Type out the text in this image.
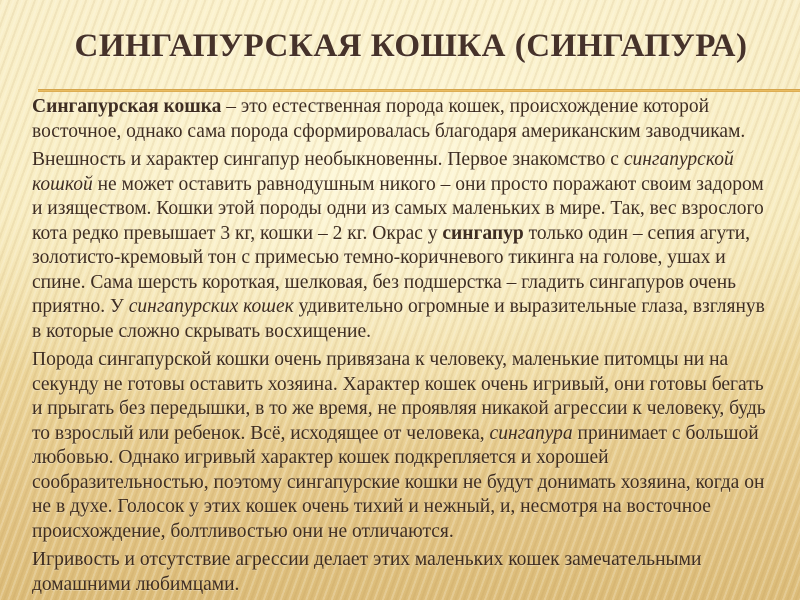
СИНГАПУРСКАЯ КОШКА (СИНГАПУРА)

Сингапурская кошка – это естественная порода кошек, происхождение которой восточное, однако сама порода сформировалась благодаря американским заводчикам.

Внешность и характер сингапур необыкновенны. Первое знакомство с сингапурской кошкой не может оставить равнодушным никого – они просто поражают своим задором и изяществом. Кошки этой породы одни из самых маленьких в мире. Так, вес взрослого кота редко превышает 3 кг, кошки – 2 кг. Окрас у сингапур только один – сепия агути, золотисто-кремовый тон с примесью темно-коричневого тикинга на голове, ушах и спине. Сама шерсть короткая, шелковая, без подшерстка – гладить сингапуров очень приятно. У сингапурских кошек удивительно огромные и выразительные глаза, взглянув в которые сложно скрывать восхищение.

Порода сингапурской кошки очень привязана к человеку, маленькие питомцы ни на секунду не готовы оставить хозяина. Характер кошек очень игривый, они готовы бегать и прыгать без передышки, в то же время, не проявляя никакой агрессии к человеку, будь то взрослый или ребенок. Всё, исходящее от человека, сингапура принимает с большой любовью. Однако игривый характер кошек подкрепляется и хорошей сообразительностью, поэтому сингапурские кошки не будут донимать хозяина, когда он не в духе. Голосок у этих кошек очень тихий и нежный, и, несмотря на восточное происхождение, болтливостью они не отличаются.

Игривость и отсутствие агрессии делает этих маленьких кошек замечательными домашними любимцами.
